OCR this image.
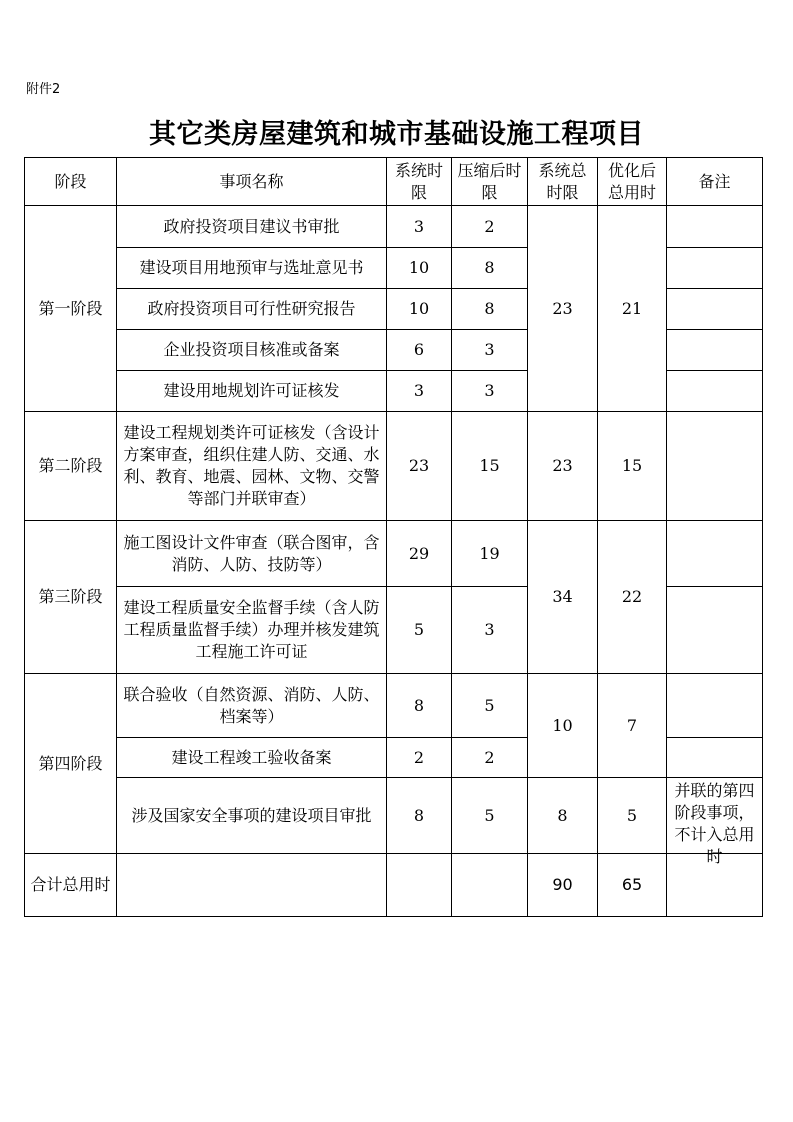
附件2
其它类房屋建筑和城市基础设施工程项目
阶段	事项名称	系统时限	压缩后时限	系统总时限	优化后总用时	备注
第一阶段	政府投资项目建议书审批	3	2	23	21	
	建设项目用地预审与选址意见书	10	8			
	政府投资项目可行性研究报告	10	8			
	企业投资项目核准或备案	6	3			
	建设用地规划许可证核发	3	3			
第二阶段	建设工程规划类许可证核发（含设计方案审查，组织住建人防、交通、水利、教育、地震、园林、文物、交警等部门并联审查）	23	15	23	15	
第三阶段	施工图设计文件审查（联合图审，含消防、人防、技防等）	29	19	34	22	
	建设工程质量安全监督手续（含人防工程质量监督手续）办理并核发建筑工程施工许可证	5	3			
第四阶段	联合验收（自然资源、消防、人防、档案等）	8	5	10	7	
	建设工程竣工验收备案	2	2			
	涉及国家安全事项的建设项目审批	8	5	8	5	并联的第四阶段事项，不计入总用时

合计总用时				90	65	
